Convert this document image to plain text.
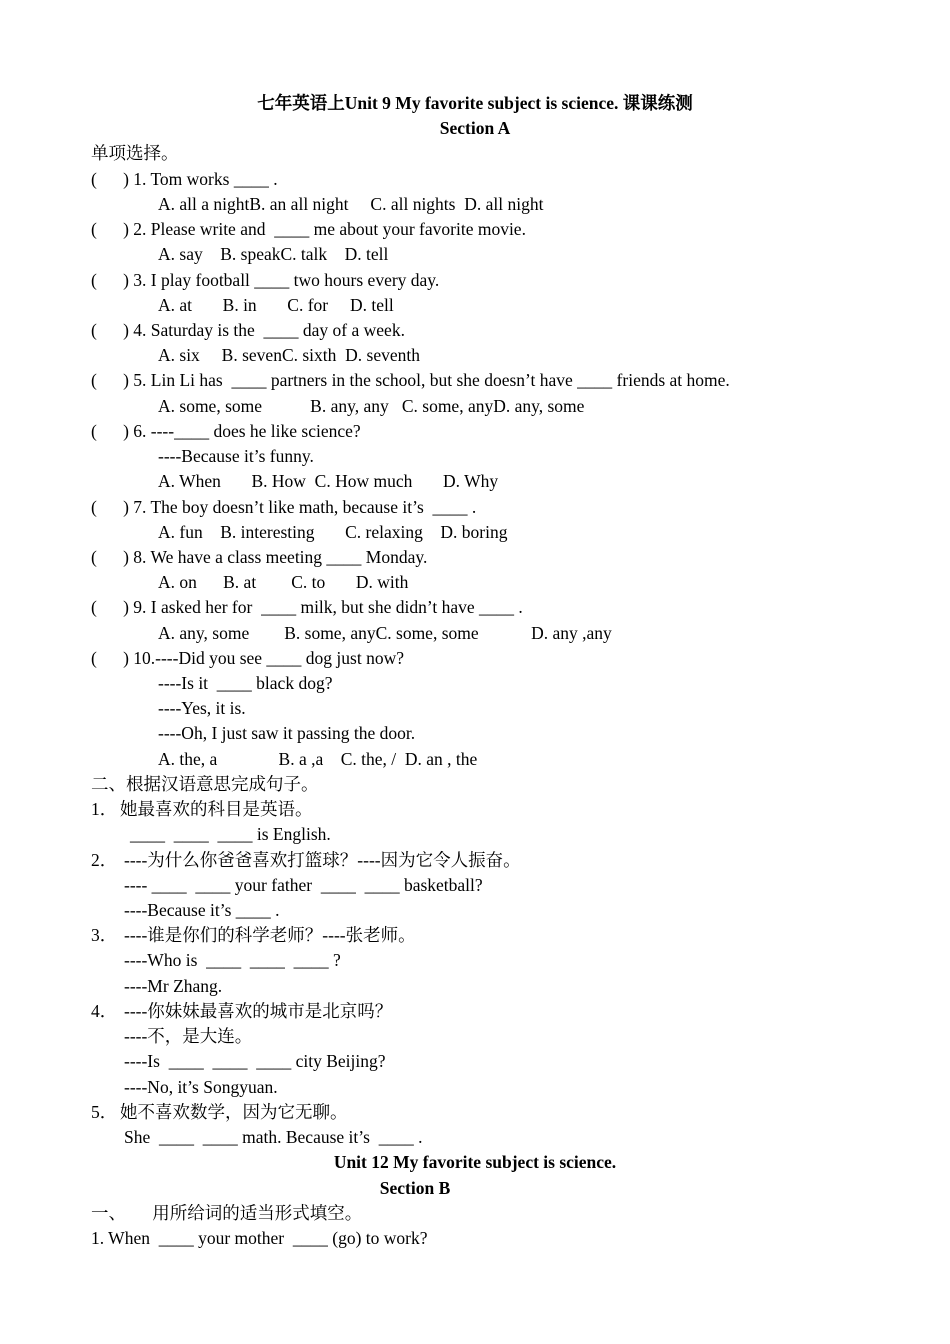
七年英语上Unit 9 My favorite subject is science. 课课练测
Section A
单项选择。
(      ) 1. Tom works ____ .
A. all a nightB. an all night     C. all nights  D. all night
(      ) 2. Please write and  ____ me about your favorite movie.
A. say    B. speakC. talk    D. tell
(      ) 3. I play football ____ two hours every day.
A. at       B. in       C. for     D. tell
(      ) 4. Saturday is the  ____ day of a week.
A. six     B. sevenC. sixth  D. seventh
(      ) 5. Lin Li has  ____ partners in the school, but she doesn’t have ____ friends at home.
A. some, some           B. any, any   C. some, anyD. any, some
(      ) 6. ----____ does he like science?
----Because it’s funny.
A. When       B. How  C. How much       D. Why
(      ) 7. The boy doesn’t like math, because it’s  ____ .
A. fun    B. interesting       C. relaxing    D. boring
(      ) 8. We have a class meeting ____ Monday.
A. on      B. at        C. to       D. with
(      ) 9. I asked her for  ____ milk, but she didn’t have ____ .
A. any, some        B. some, anyC. some, some            D. any ,any
(      ) 10.----Did you see ____ dog just now?
----Is it  ____ black dog?
----Yes, it is.
----Oh, I just saw it passing the door.
A. the, a              B. a ,a    C. the, /  D. an , the
二、根据汉语意思完成句子。
1． 她最喜欢的科目是英语。
____  ____  ____ is English.
2． ----为什么你爸爸喜欢打篮球？----因为它令人振奋。
---- ____  ____ your father  ____  ____ basketball?
----Because it’s ____ .
3． ----谁是你们的科学老师？----张老师。
----Who is  ____  ____  ____ ?
----Mr Zhang.
4． ----你妹妹最喜欢的城市是北京吗？
----不，是大连。
----Is  ____  ____  ____ city Beijing?
----No, it’s Songyuan.
5． 她不喜欢数学，因为它无聊。
She  ____  ____ math. Because it’s  ____ .
Unit 12 My favorite subject is science.
Section B
一、      用所给词的适当形式填空。
1. When  ____ your mother  ____ (go) to work?
